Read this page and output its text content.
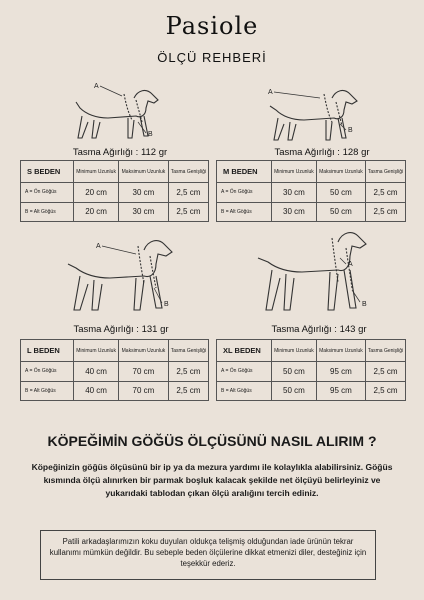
Pasiole
ÖLÇÜ REHBERİ
A
B
A
B
A
B
A
B
Tasma Ağırlığı : 112 gr	Tasma Ağırlığı : 128 gr
Tasma Ağırlığı : 131 gr	Tasma Ağırlığı : 143 gr
S BEDEN	Minimum Uzunluk	Maksimum Uzunluk	Tasma Genişliği
A = Ön Göğüs	20 cm	30 cm	2,5 cm
B = Alt Göğüs	20 cm	30 cm	2,5 cm
M BEDEN	Minimum Uzunluk	Maksimum Uzunluk	Tasma Genişliği
A = Ön Göğüs	30 cm	50 cm	2,5 cm
B = Alt Göğüs	30 cm	50 cm	2,5 cm
L BEDEN	Minimum Uzunluk	Maksimum Uzunluk	Tasma Genişliği
A = Ön Göğüs	40 cm	70 cm	2,5 cm
B = Alt Göğüs	40 cm	70 cm	2,5 cm
XL BEDEN	Minimum Uzunluk	Maksimum Uzunluk	Tasma Genişliği
A = Ön Göğüs	50 cm	95 cm	2,5 cm
B = Alt Göğüs	50 cm	95 cm	2,5 cm
KÖPEĞİMİN GÖĞÜS ÖLÇÜSÜNÜ NASIL ALIRIM ?
Köpeğinizin göğüs ölçüsünü bir ip ya da mezura yardımı ile kolaylıkla alabilirsiniz. Göğüs kısmında ölçü alınırken bir parmak boşluk kalacak şekilde net ölçüyü belirleyiniz ve yukarıdaki tablodan çıkan ölçü aralığını tercih ediniz.
Patili arkadaşlarımızın koku duyuları oldukça telişmiş olduğundan iade ürünün tekrar kullanımı mümkün değildir. Bu sebeple beden ölçülerine dikkat etmenizi diler, desteğiniz için teşekkür ederiz.
